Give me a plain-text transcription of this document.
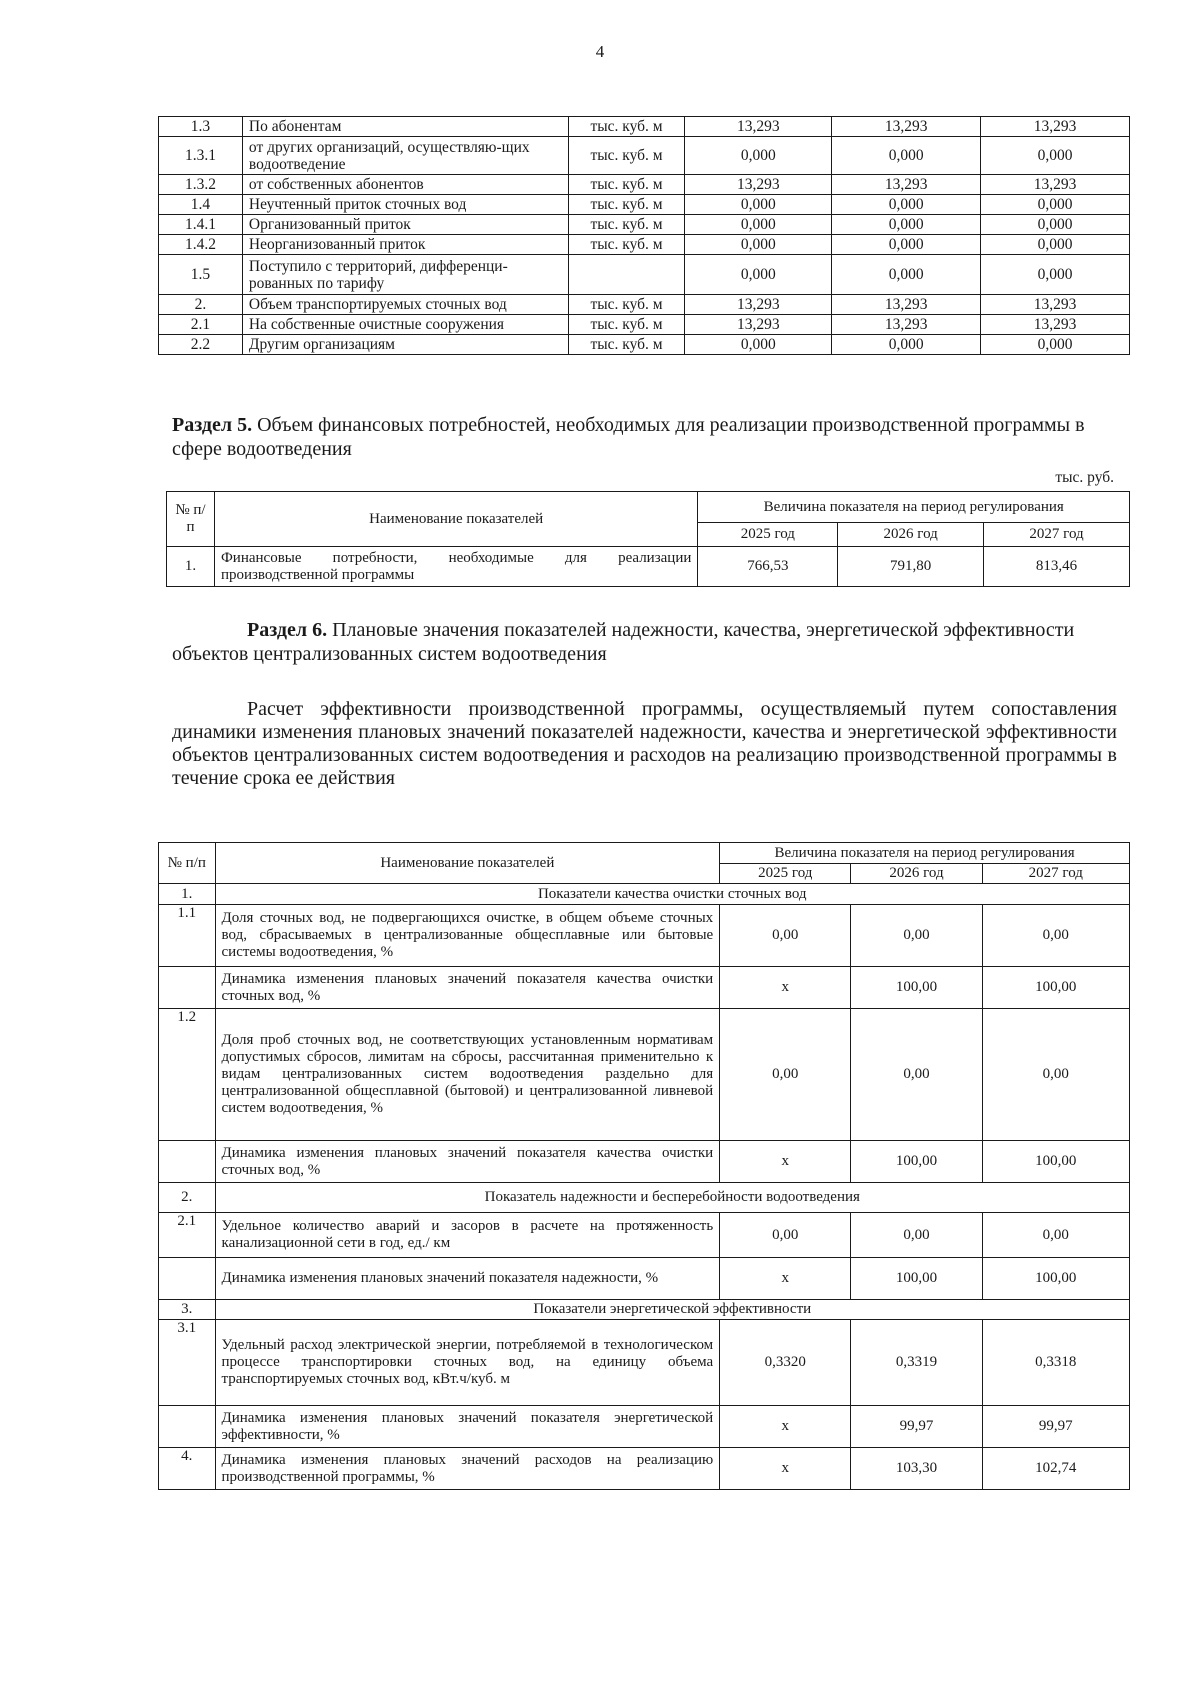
4
1.3	По абонентам	тыс. куб. м	13,293	13,293	13,293
1.3.1	от других организаций, осуществляю-щих водоотведение	тыс. куб. м	0,000	0,000	0,000
1.3.2	от собственных абонентов	тыс. куб. м	13,293	13,293	13,293
1.4	Неучтенный приток сточных вод	тыс. куб. м	0,000	0,000	0,000
1.4.1	Организованный приток	тыс. куб. м	0,000	0,000	0,000
1.4.2	Неорганизованный приток	тыс. куб. м	0,000	0,000	0,000
1.5	Поступило с территорий, дифференци-рованных по тарифу		0,000	0,000	0,000
2.	Объем транспортируемых сточных вод	тыс. куб. м	13,293	13,293	13,293
2.1	На собственные очистные сооружения	тыс. куб. м	13,293	13,293	13,293
2.2	Другим организациям	тыс. куб. м	0,000	0,000	0,000
Раздел 5. Объем финансовых потребностей, необходимых для реализации производственной программы в сфере водоотведения
тыс. руб.
№ п/п	Наименование показателей	Величина показателя на период регулирования		
		2025 год	2026 год	2027 год
1.	Финансовые потребности, необходимые для реализации производственной программы	766,53	791,80	813,46
Раздел 6. Плановые значения показателей надежности, качества, энергетической эффективности объектов централизованных систем водоотведения
Расчет эффективности производственной программы, осуществляемый путем сопоставления динамики изменения плановых значений показателей надежности, качества и энергетической эффективности объектов централизованных систем водоотведения и расходов на реализацию производственной программы в течение срока ее действия
№ п/п	Наименование показателей	Величина показателя на период регулирования		
		2025 год	2026 год	2027 год
1.	Показатели качества очистки сточных вод			
1.1	Доля сточных вод, не подвергающихся очистке, в общем объеме сточных вод, сбрасываемых в централизованные общесплавные или бытовые системы водоотведения, %	0,00	0,00	0,00
	Динамика изменения плановых значений показателя качества очистки сточных вод, %	х	100,00	100,00
1.2	Доля проб сточных вод, не соответствующих установленным нормативам допустимых сбросов, лимитам на сбросы, рассчитанная применительно к видам централизованных систем водоотведения раздельно для централизованной общесплавной (бытовой) и централизованной ливневой систем водоотведения, %	0,00	0,00	0,00
	Динамика изменения плановых значений показателя качества очистки сточных вод, %	х	100,00	100,00
2.	Показатель надежности и бесперебойности водоотведения			
2.1	Удельное количество аварий и засоров в расчете на протяженность канализационной сети в год, ед./ км	0,00	0,00	0,00
	Динамика изменения плановых значений показателя надежности, %	х	100,00	100,00
3.	Показатели энергетической эффективности			
3.1	Удельный расход электрической энергии, потребляемой в технологическом процессе транспортировки сточных вод, на единицу объема транспортируемых сточных вод, кВт.ч/куб. м	0,3320	0,3319	0,3318
	Динамика изменения плановых значений показателя энергетической эффективности, %	х	99,97	99,97
4.	Динамика изменения плановых значений расходов на реализацию производственной программы, %	х	103,30	102,74
